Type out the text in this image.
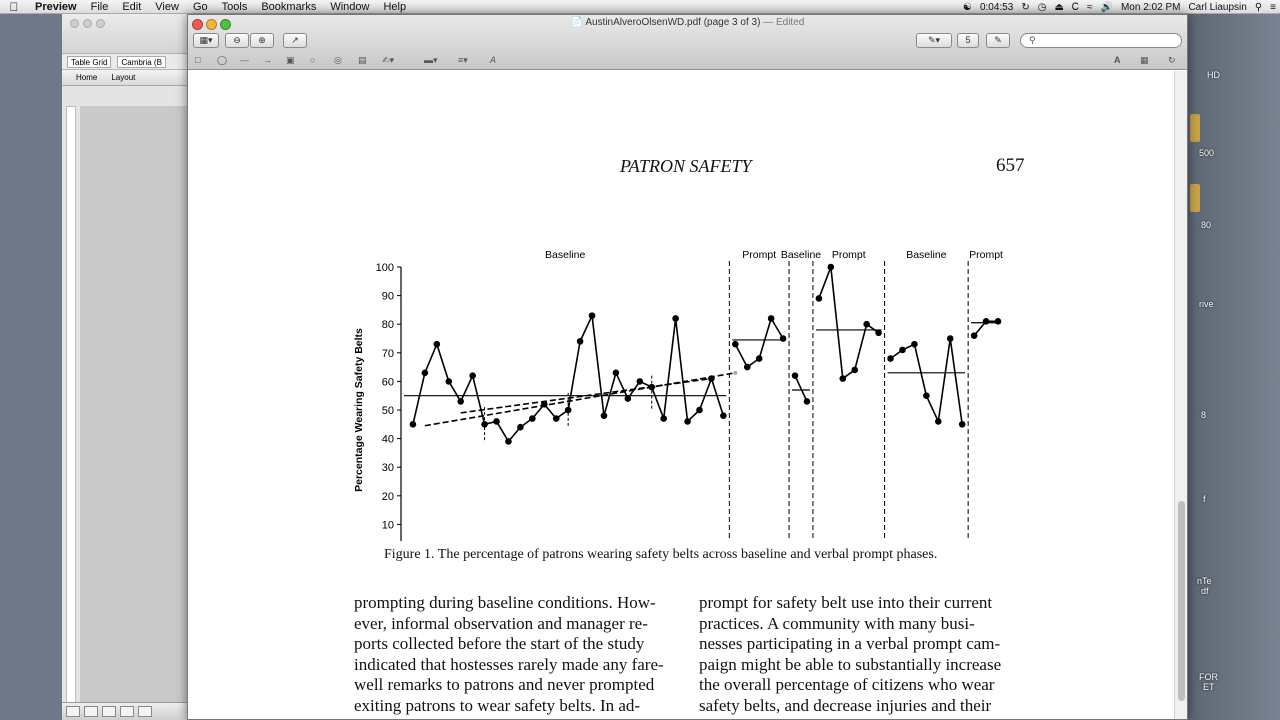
Preview	File	Edit	View	Go	Tools	Bookmarks	Window	Help	☯ 0:04:53 ↻ ◷ ⏏ Ꮯ ≈ 🔊 Mon 2:02 PM Carl Liaupsin ⚲ ≡
Table Grid	Cambria (B
Home Layout	HD
500
80
rive
8
f
nTe
df
FOR
ET
📄 AustinAlveroOlsenWD.pdf (page 3 of 3) — Edited
▦▾	⊖	⊕	↗	✎▾	5	✎	⚲
□ ◯ — → ▣ ○ ◎ ▤ ✍▾	▬▾ ≡▾ A	A ▦ ↻
PATRON SAFETY	657
10
20
30
40
50
60
70
80
90
100
Percentage Wearing Safety Belts
Baseline	Prompt Baseline Prompt	Baseline Prompt
Figure 1. The percentage of patrons wearing safety belts across baseline and verbal prompt phases.

prompting during baseline conditions. How-

ever, informal observation and manager re-

ports collected before the start of the study

indicated that hostesses rarely made any fare-

well remarks to patrons and never prompted

exiting patrons to wear safety belts. In ad-

prompt for safety belt use into their current

practices. A community with many busi-

nesses participating in a verbal prompt cam-

paign might be able to substantially increase

the overall percentage of citizens who wear

safety belts, and decrease injuries and their
